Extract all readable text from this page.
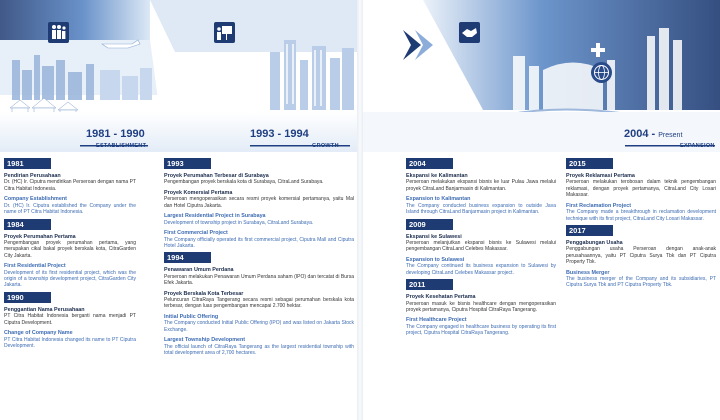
1981 - 1990
ESTABLISHMENT
1993 - 1994
GROWTH
2004 - Present
EXPANSION
1981
Pendirian Perusahaan
Dr. (HC) Ir. Ciputra mendirikan Perseroan dengan nama PT Citra Habitat Indonesia.
Company Establishment
Dr. (HC) Ir. Ciputra established the Company under the name of PT Citra Habitat Indonesia.
1984
Proyek Perumahan Pertama
Pengembangan proyek perumahan pertama, yang merupakan cikal bakal proyek berskala kota, CitraGarden City Jakarta.
First Residential Project
Development of its first residential project, which was the origin of a township development project, CitraGarden City Jakarta.
1990
Penggantian Nama Perusahaan
PT Citra Habitat Indonesia berganti nama menjadi PT Ciputra Development.
Change of Company Name
PT Citra Habitat Indonesia changed its name to PT Ciputra Development.
1993
Proyek Perumahan Terbesar di Surabaya
Pengembangan proyek berskala kota di Surabaya, CitraLand Surabaya.
Proyek Komersial Pertama
Perseroan mengoperasikan secara resmi proyek komersial pertamanya, yaitu Mal dan Hotel Ciputra Jakarta.
Largest Residential Project in Surabaya
Development of township project in Surabaya, CitraLand Surabaya.
First Commercial Project
The Company officially operated its first commercial project, Ciputra Mall and Ciputra Hotel Jakarta.
1994
Penawaran Umum Perdana
Perseroan melakukan Penawaran Umum Perdana saham (IPO) dan tercatat di Bursa Efek Jakarta.
Proyek Berskala Kota Terbesar
Peluncuran CitraRaya Tangerang secara resmi sebagai perumahan berskala kota terbesar, dengan luas pengembangan mencapai 2.700 hektar.
Initial Public Offering
The Company conducted Initial Public Offering (IPO) and was listed on Jakarta Stock Exchange.
Largest Township Development
The official launch of CitraRaya Tangerang as the largest residential township with total development area of 2,700 hectares.
2004
Ekspansi ke Kalimantan
Perseroan melakukan ekspansi bisnis ke luar Pulau Jawa melalui proyek CitraLand Banjarmasin di Kalimantan.
Expansion to Kalimantan
The Company conducted business expansion to outside Java Island through CitraLand Banjarmasin project in Kalimantan.
2009
Ekspansi ke Sulawesi
Perseroan melanjutkan ekspansi bisnis ke Sulawesi melalui pengembangan CitraLand Celebes Makassar.
Expansion to Sulawesi
The Company continued its business expansion to Sulawesi by developing CitraLand Celebes Makassar project.
2011
Proyek Kesehatan Pertama
Perseroan masuk ke bisnis healthcare dengan mengoperasikan proyek pertamanya, Ciputra Hospital CitraRaya Tangerang.
First Healthcare Project
The Company engaged in healthcare business by operating its first project, Ciputra Hospital CitraRaya Tangerang.
2015
Proyek Reklamasi Pertama
Perseroan melakukan terobosan dalam teknik pengembangan reklamasi, dengan proyek pertamanya, CitraLand City Losari Makassar.
First Reclamation Project
The Company made a breakthrough in reclamation development technique with its first project, CitraLand City Losari Makassar.
2017
Penggabungan Usaha
Penggabungan usaha Perseroan dengan anak-anak perusahaannya, yaitu PT Ciputra Surya Tbk dan PT Ciputra Property Tbk.
Business Merger
The business merger of the Company and its subsidiaries, PT Ciputra Surya Tbk and PT Ciputra Property Tbk.
